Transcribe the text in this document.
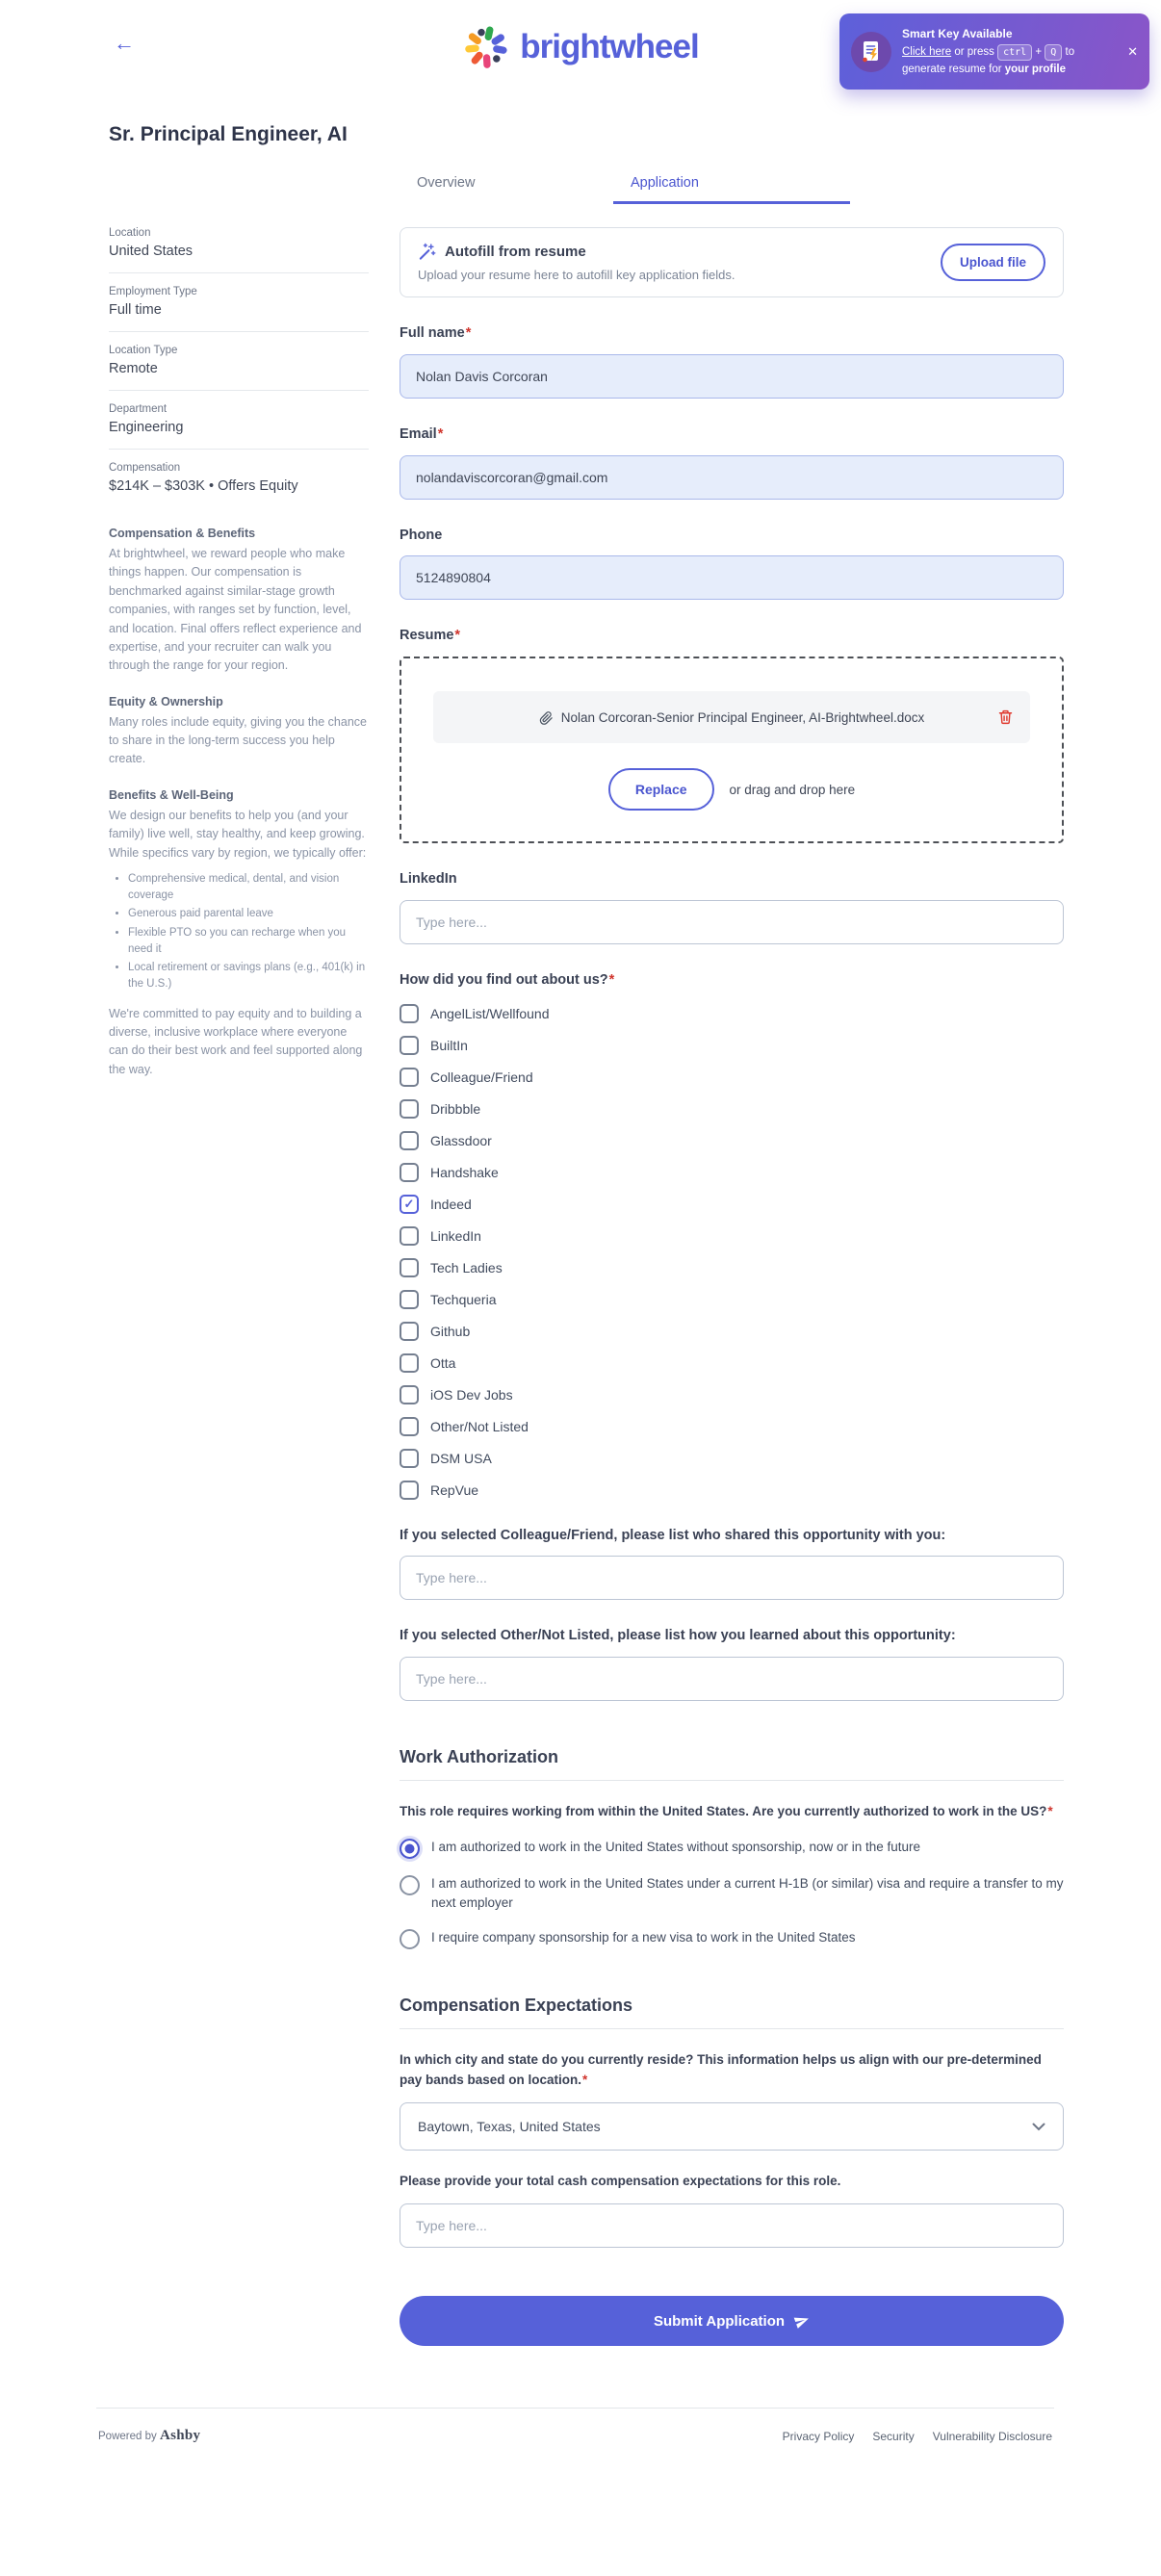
←	brightwheel	Smart Key Available
Click here or press ctrl + Q to
generate resume for your profile
✕
Sr. Principal Engineer, AI
Overview	Application
Location
United States
Employment Type
Full time
Location Type
Remote
Department
Engineering
Compensation
$214K – $303K • Offers Equity
Compensation & Benefits

At brightwheel, we reward people who make things happen. Our compensation is benchmarked against similar-stage growth companies, with ranges set by function, level, and location. Final offers reflect experience and expertise, and your recruiter can walk you through the range for your region.

Equity & Ownership

Many roles include equity, giving you the chance to share in the long-term success you help create.

Benefits & Well-Being

We design our benefits to help you (and your family) live well, stay healthy, and keep growing. While specifics vary by region, we typically offer:

• Comprehensive medical, dental, and vision coverage
• Generous paid parental leave
• Flexible PTO so you can recharge when you need it
• Local retirement or savings plans (e.g., 401(k) in the U.S.)

We're committed to pay equity and to building a diverse, inclusive workplace where everyone can do their best work and feel supported along the way.

Autofill from resume
Upload your resume here to autofill key application fields.
Upload file
Full name*
Nolan Davis Corcoran
Email*
nolandaviscorcoran@gmail.com
Phone
5124890804
Resume*
Nolan Corcoran-Senior Principal Engineer, AI-Brightwheel.docx
Replace	or drag and drop here
LinkedIn
Type here...
How did you find out about us?*
AngelList/Wellfound
BuiltIn
Colleague/Friend
Dribbble
Glassdoor
Handshake
✓	Indeed
LinkedIn
Tech Ladies
Techqueria
Github
Otta
iOS Dev Jobs
Other/Not Listed
DSM USA
RepVue
If you selected Colleague/Friend, please list who shared this opportunity with you:
Type here...
If you selected Other/Not Listed, please list how you learned about this opportunity:
Type here...
Work Authorization
This role requires working from within the United States. Are you currently authorized to work in the US?*
I am authorized to work in the United States without sponsorship, now or in the future
I am authorized to work in the United States under a current H-1B (or similar) visa and require a transfer to my next employer
I require company sponsorship for a new visa to work in the United States
Compensation Expectations
In which city and state do you currently reside? This information helps us align with our pre-determined pay bands based on location.*
Baytown, Texas, United States
Please provide your total cash compensation expectations for this role.
Type here...
Submit Application
Powered by Ashby	Privacy Policy Security Vulnerability Disclosure
